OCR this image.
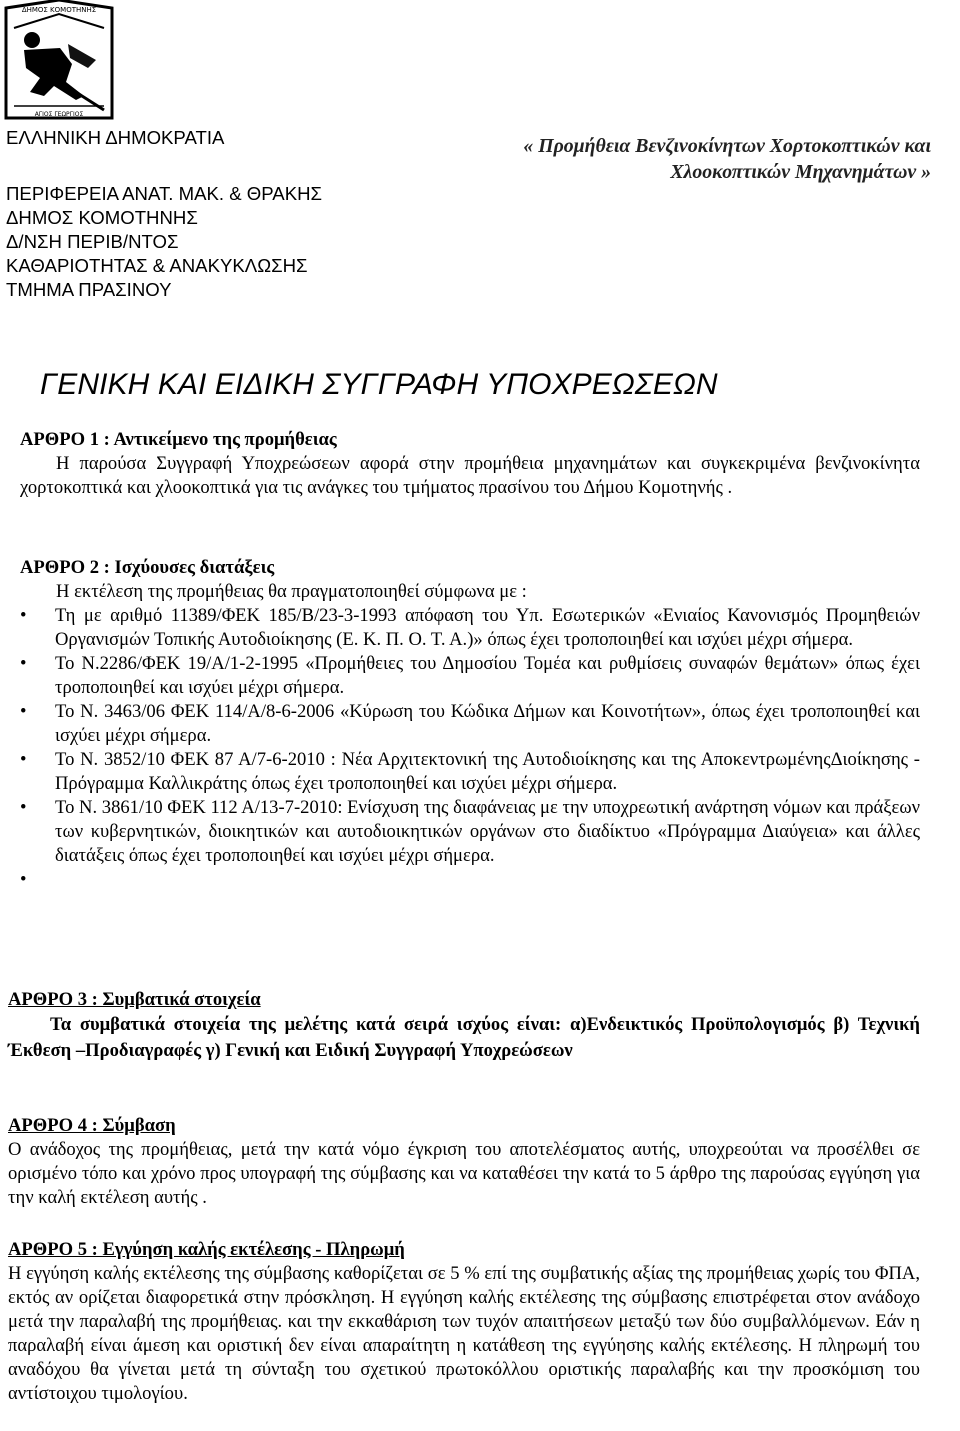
ΔΗΜΟΣ ΚΟΜΟΤΗΝΗΣ
ΑΓΙΟΣ ΓΕΩΡΓΙΟΣ
ΕΛΛΗΝΙΚΗ ΔΗΜΟΚΡΑΤΙΑ
ΠΕΡΙΦΕΡΕΙΑ ΑΝΑΤ. ΜΑΚ. & ΘΡΑΚΗΣ
ΔΗΜΟΣ ΚΟΜΟΤΗΝΗΣ
Δ/ΝΣΗ ΠΕΡΙΒ/ΝΤΟΣ
ΚΑΘΑΡΙΟΤΗΤΑΣ & ΑΝΑΚΥΚΛΩΣΗΣ
ΤΜΗΜΑ ΠΡΑΣΙΝΟΥ
« Προμήθεια Βενζινοκίνητων Χορτοκοπτικών και
Χλοοκοπτικών Μηχανημάτων »
ΓΕΝΙΚΗ ΚΑΙ ΕΙΔΙΚΗ ΣΥΓΓΡΑΦΗ ΥΠΟΧΡΕΩΣΕΩΝ
ΑΡΘΡΟ 1 : Αντικείμενο της προμήθειας

Η παρούσα Συγγραφή Υποχρεώσεων αφορά στην προμήθεια μηχανημάτων και συγκεκριμένα βενζινοκίνητα χορτοκοπτικά και χλοοκοπτικά για τις ανάγκες του τμήματος πρασίνου του Δήμου Κομοτηνής .

ΑΡΘΡΟ 2 : Ισχύουσες διατάξεις

Η εκτέλεση της προμήθειας θα πραγματοποιηθεί σύμφωνα με :

• Τη με αριθμό 11389/ΦΕΚ 185/Β/23-3-1993 απόφαση του Υπ. Εσωτερικών «Ενιαίος Κανονισμός Προμηθειών Οργανισμών Τοπικής Αυτοδιοίκησης (Ε. Κ. Π. Ο. Τ. Α.)» όπως έχει τροποποιηθεί και ισχύει μέχρι σήμερα.

• Το Ν.2286/ΦΕΚ 19/Α/1-2-1995 «Προμήθειες του Δημοσίου Τομέα και ρυθμίσεις συναφών θεμάτων» όπως έχει τροποποιηθεί και ισχύει μέχρι σήμερα.

• Το Ν. 3463/06 ΦΕΚ 114/Α/8-6-2006 «Κύρωση του Κώδικα Δήμων και Κοινοτήτων», όπως έχει τροποποιηθεί και ισχύει μέχρι σήμερα.

• Το Ν. 3852/10 ΦΕΚ 87 Α/7-6-2010 : Νέα Αρχιτεκτονική της Αυτοδιοίκησης και της ΑποκεντρωμένηςΔιοίκησης - Πρόγραμμα Καλλικράτης όπως έχει τροποποιηθεί και ισχύει μέχρι σήμερα.

• Το Ν. 3861/10 ΦΕΚ 112 Α/13-7-2010: Ενίσχυση της διαφάνειας με την υποχρεωτική ανάρτηση νόμων και πράξεων των κυβερνητικών, διοικητικών και αυτοδιοικητικών οργάνων στο διαδίκτυο «Πρόγραμμα Διαύγεια» και άλλες διατάξεις όπως έχει τροποποιηθεί και ισχύει μέχρι σήμερα.

•

ΑΡΘΡΟ 3 : Συμβατικά στοιχεία

Τα συμβατικά στοιχεία της μελέτης κατά σειρά ισχύος είναι: α)Ενδεικτικός Προϋπολογισμός β) Τεχνική Έκθεση –Προδιαγραφές γ) Γενική και Ειδική Συγγραφή Υποχρεώσεων

ΑΡΘΡΟ 4 : Σύμβαση

Ο ανάδοχος της προμήθειας, μετά την κατά νόμο έγκριση του αποτελέσματος αυτής, υποχρεούται να προσέλθει σε ορισμένο τόπο και χρόνο προς υπογραφή της σύμβασης και να καταθέσει την κατά το 5 άρθρο της παρούσας εγγύηση για την καλή εκτέλεση αυτής .

ΑΡΘΡΟ 5 : Εγγύηση καλής εκτέλεσης - Πληρωμή

Η εγγύηση καλής εκτέλεσης της σύμβασης καθορίζεται σε 5 % επί της συμβατικής αξίας της προμήθειας χωρίς του ΦΠΑ, εκτός αν ορίζεται διαφορετικά στην πρόσκληση. Η εγγύηση καλής εκτέλεσης της σύμβασης επιστρέφεται στον ανάδοχο μετά την παραλαβή της προμήθειας. και την εκκαθάριση των τυχόν απαιτήσεων μεταξύ των δύο συμβαλλόμενων. Εάν η παραλαβή είναι άμεση και οριστική δεν είναι απαραίτητη η κατάθεση της εγγύησης καλής εκτέλεσης. Η πληρωμή του αναδόχου θα γίνεται μετά τη σύνταξη του σχετικού πρωτοκόλλου οριστικής παραλαβής και την προσκόμιση του αντίστοιχου τιμολογίου.
